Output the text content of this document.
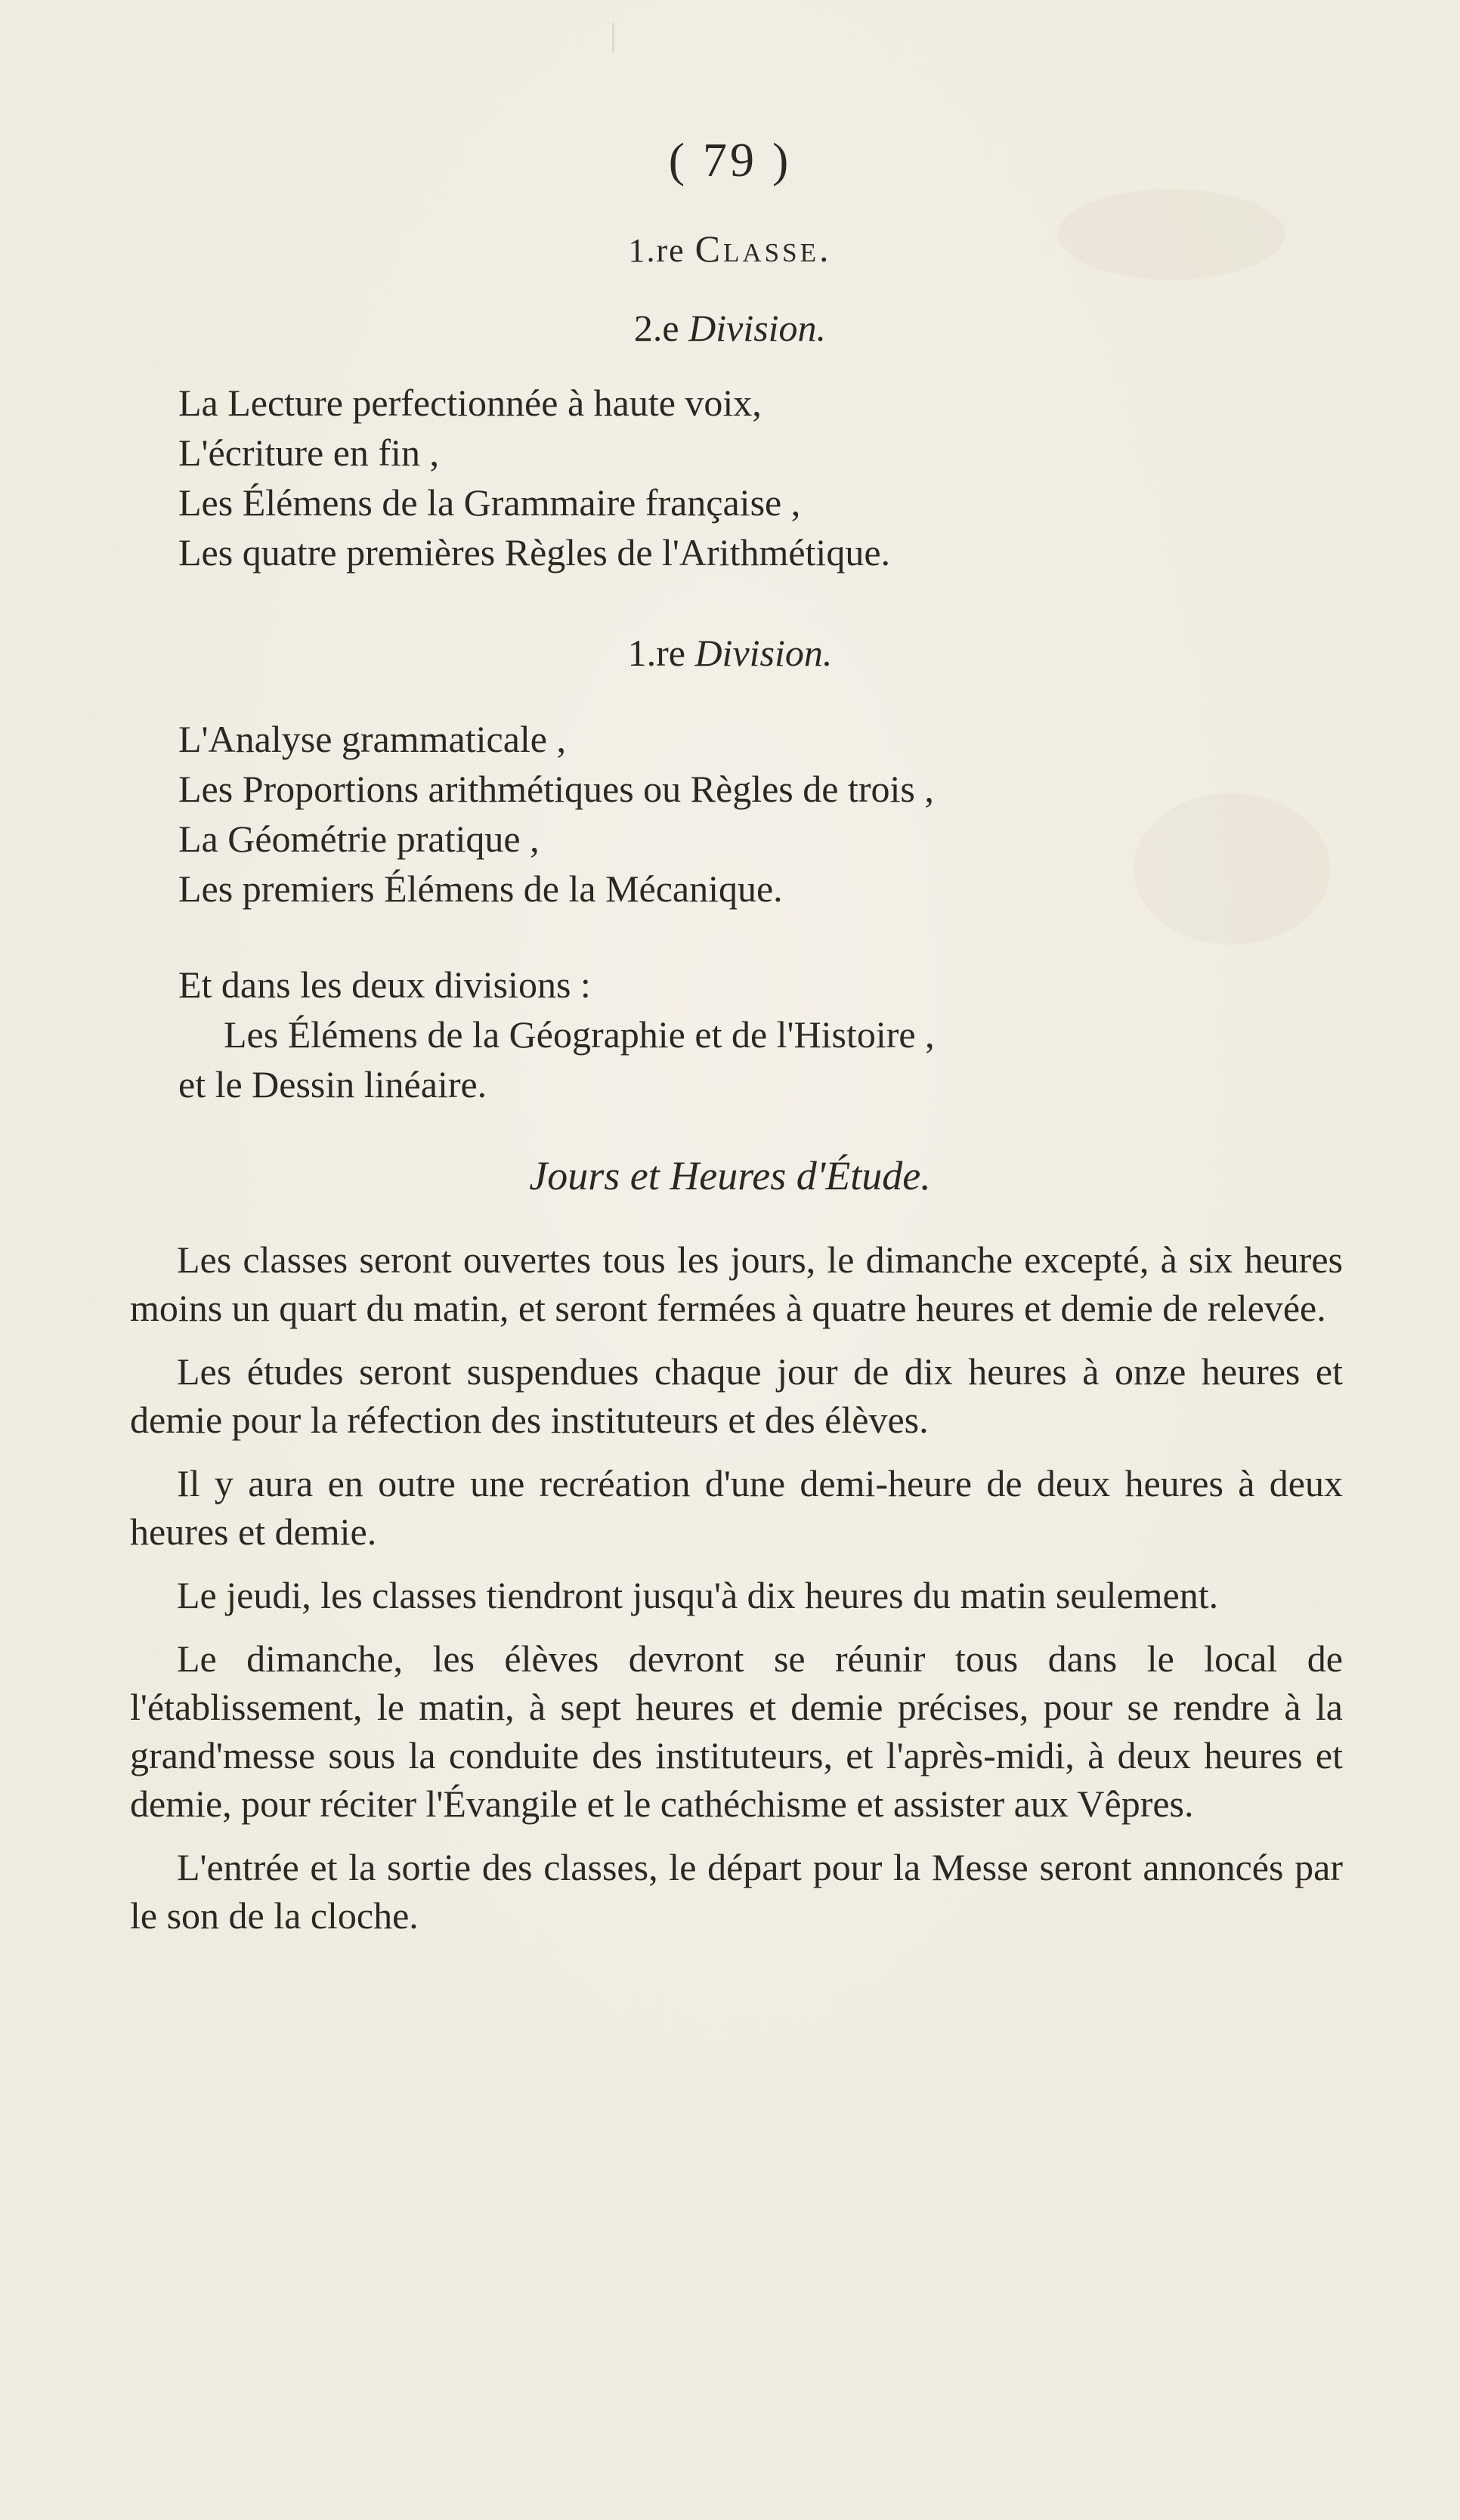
( 79 )
1.re Classe.
2.e Division.
La Lecture perfectionnée à haute voix,
L'écriture en fin ,
Les Élémens de la Grammaire française ,
Les quatre premières Règles de l'Arithmétique.
1.re Division.
L'Analyse grammaticale ,
Les Proportions arithmétiques ou Règles de trois ,
La Géométrie pratique ,
Les premiers Élémens de la Mécanique.
Et dans les deux divisions :
Les Élémens de la Géographie et de l'Histoire ,
et le Dessin linéaire.
Jours et Heures d'Étude.

Les classes seront ouvertes tous les jours, le dimanche excepté, à six heures moins un quart du matin, et seront fermées à quatre heures et demie de relevée.

Les études seront suspendues chaque jour de dix heures à onze heures et demie pour la réfection des instituteurs et des élèves.

Il y aura en outre une recréation d'une demi-heure de deux heures à deux heures et demie.

Le jeudi, les classes tiendront jusqu'à dix heures du matin seulement.

Le dimanche, les élèves devront se réunir tous dans le local de l'établissement, le matin, à sept heures et demie précises, pour se rendre à la grand'messe sous la conduite des instituteurs, et l'après-midi, à deux heures et demie, pour réciter l'Évangile et le cathéchisme et assister aux Vêpres.

L'entrée et la sortie des classes, le départ pour la Messe seront annoncés par le son de la cloche.
